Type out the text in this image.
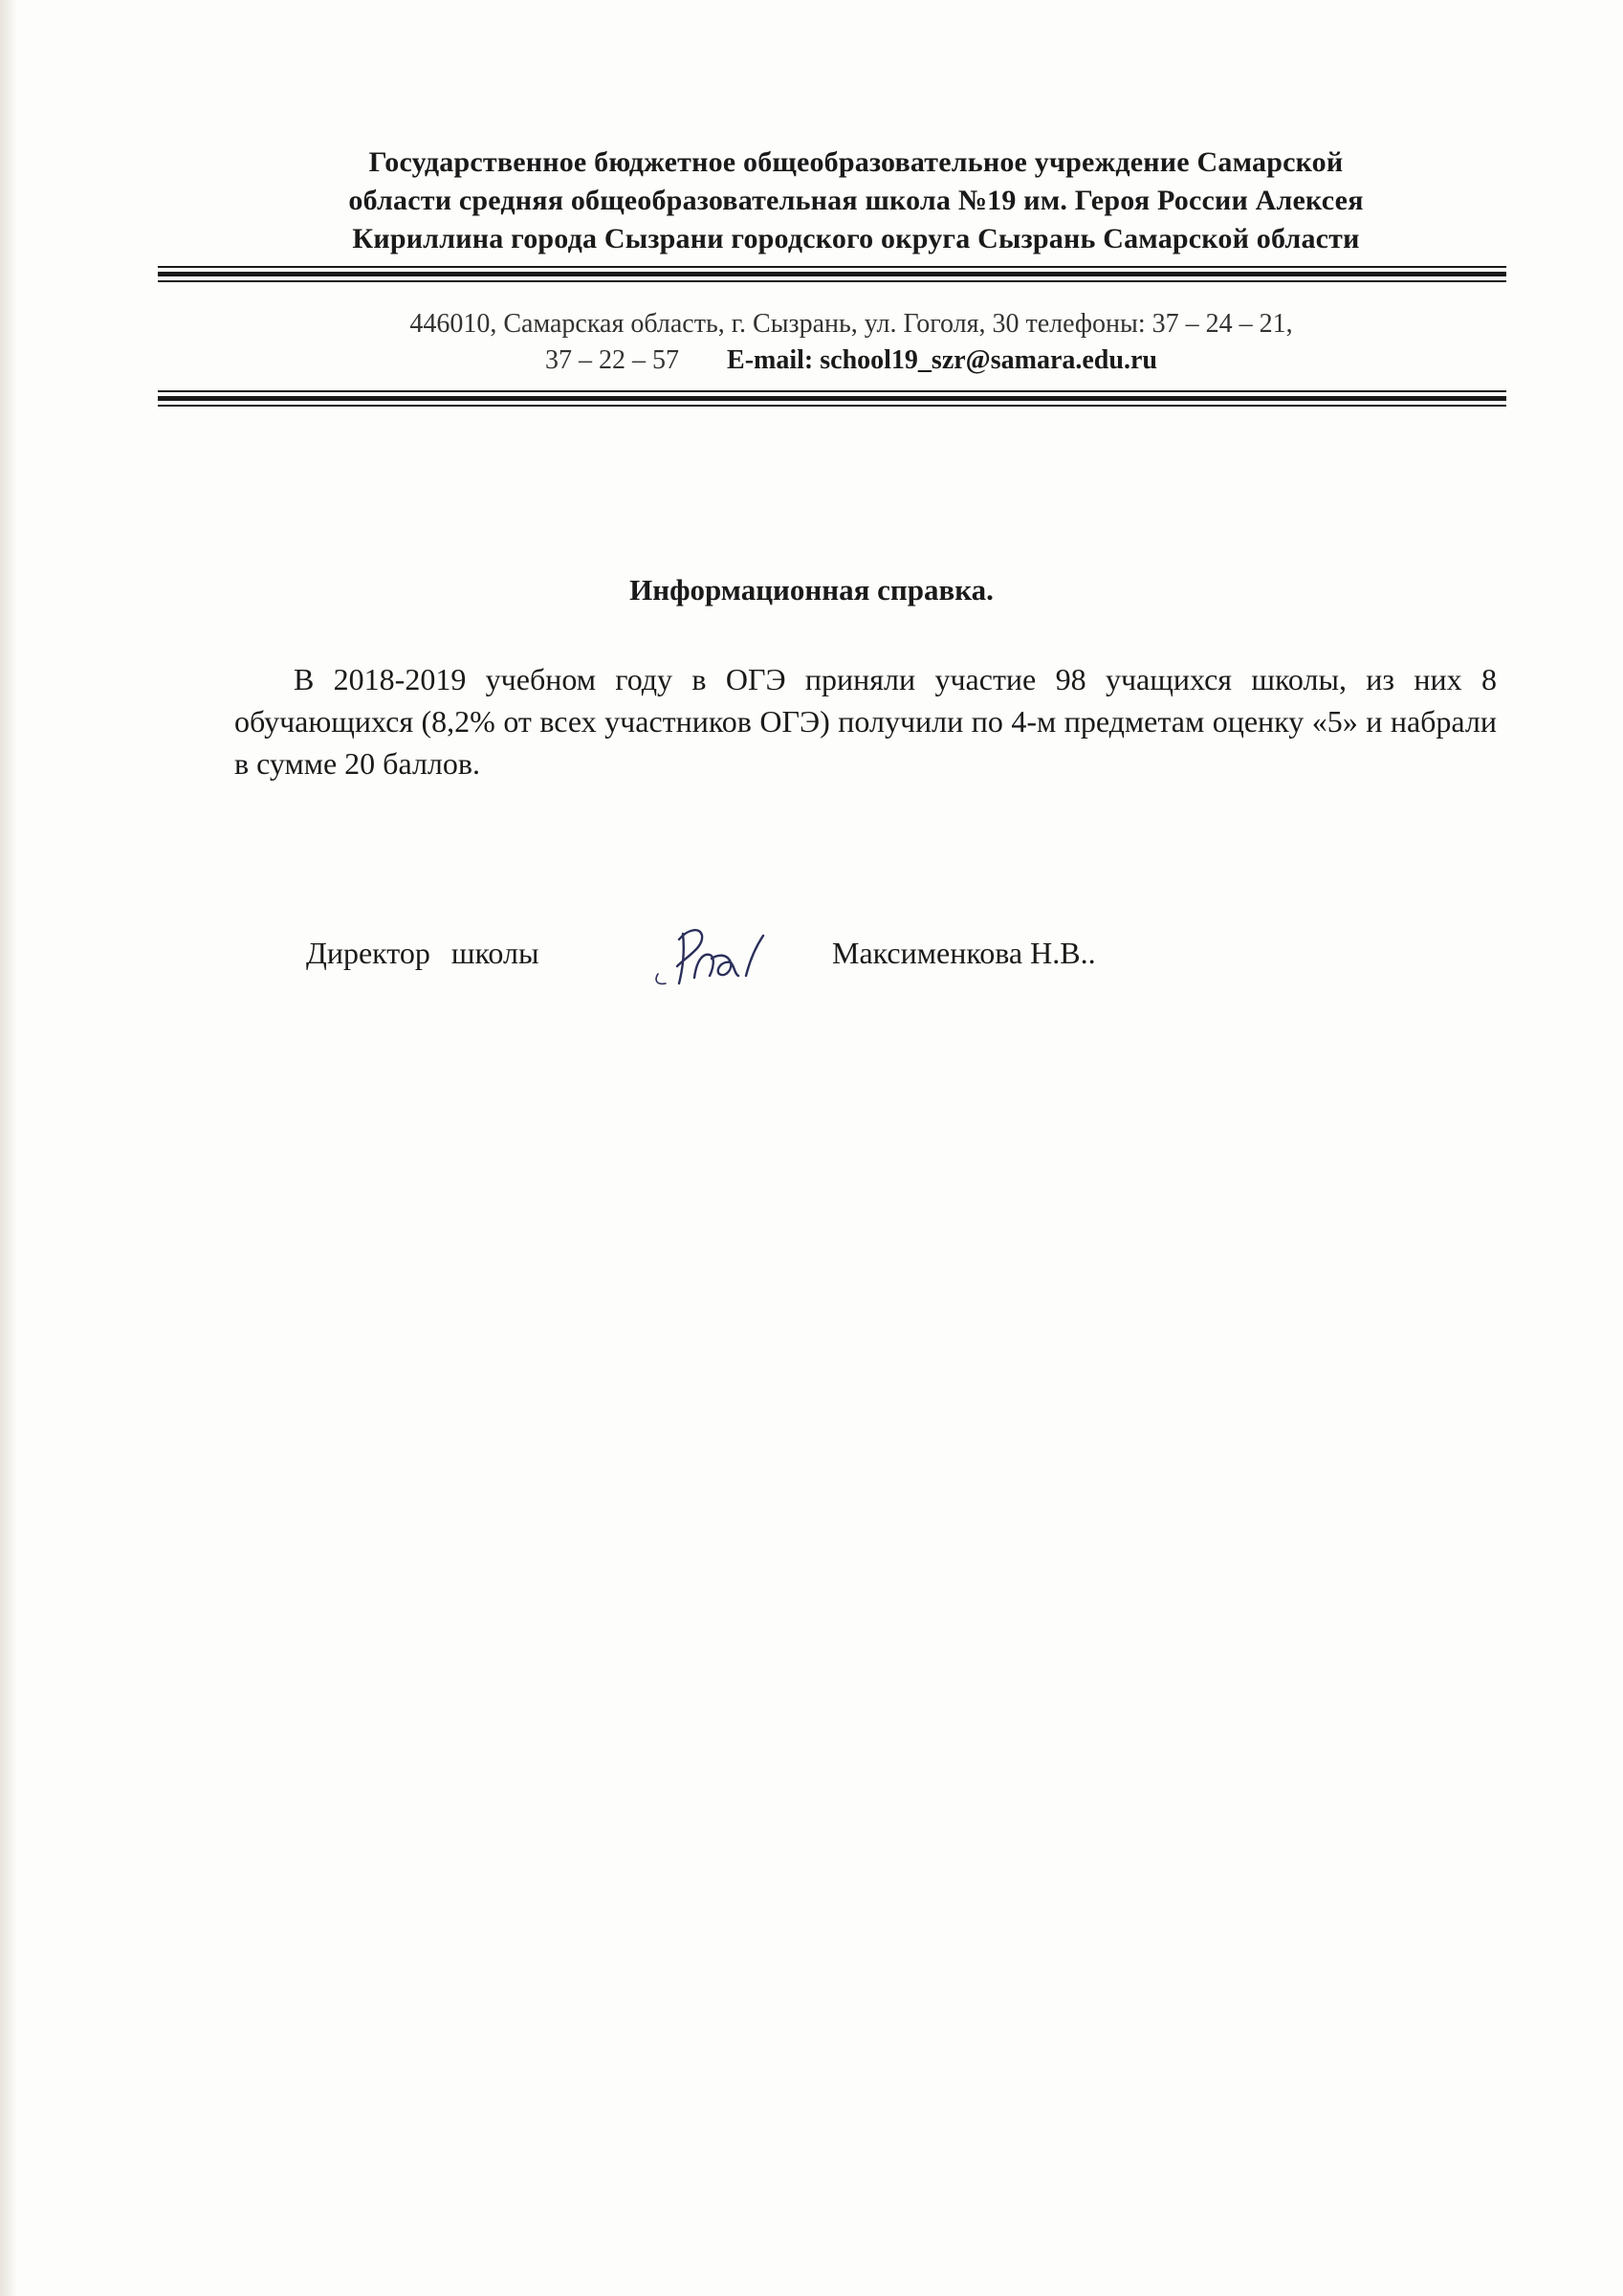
Государственное бюджетное общеобразовательное учреждение Самарской
области средняя общеобразовательная школа №19 им. Героя России Алексея
Кириллина города Сызрани городского округа Сызрань Самарской области
446010, Самарская область, г. Сызрань, ул. Гоголя, 30 телефоны: 37 – 24 – 21,
37 – 22 – 57 E-mail: school19_szr@samara.edu.ru
Информационная справка.

В 2018-2019 учебном году в ОГЭ приняли участие 98 учащихся школы, из них 8 обучающихся (8,2% от всех участников ОГЭ) получили по 4-м предметам оценку «5» и набрали в сумме 20 баллов.

Директор школы	Максименкова Н.В..
